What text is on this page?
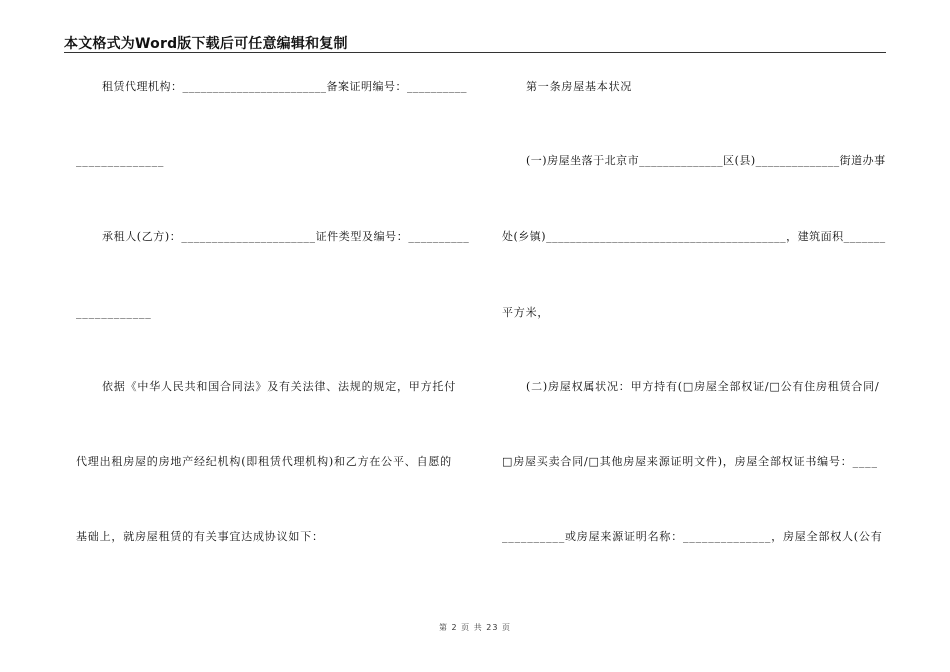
本文格式为Word版下载后可任意编辑和复制
租赁代理机构：________________________备案证明编号：__________
______________
承租人(乙方)：______________________证件类型及编号：__________
____________
依据《中华人民共和国合同法》及有关法律、法规的规定，甲方托付
代理出租房屋的房地产经纪机构(即租赁代理机构)和乙方在公平、自愿的
基础上，就房屋租赁的有关事宜达成协议如下：
第一条房屋基本状况
(一)房屋坐落于北京市______________区(县)______________街道办事
处(乡镇)________________________________________，建筑面积_______
平方米，
(二)房屋权属状况：甲方持有(□房屋全部权证/□公有住房租赁合同/
□房屋买卖合同/□其他房屋来源证明文件)，房屋全部权证书编号：____
__________或房屋来源证明名称：______________，房屋全部权人(公有
第 2 页 共 23 页
